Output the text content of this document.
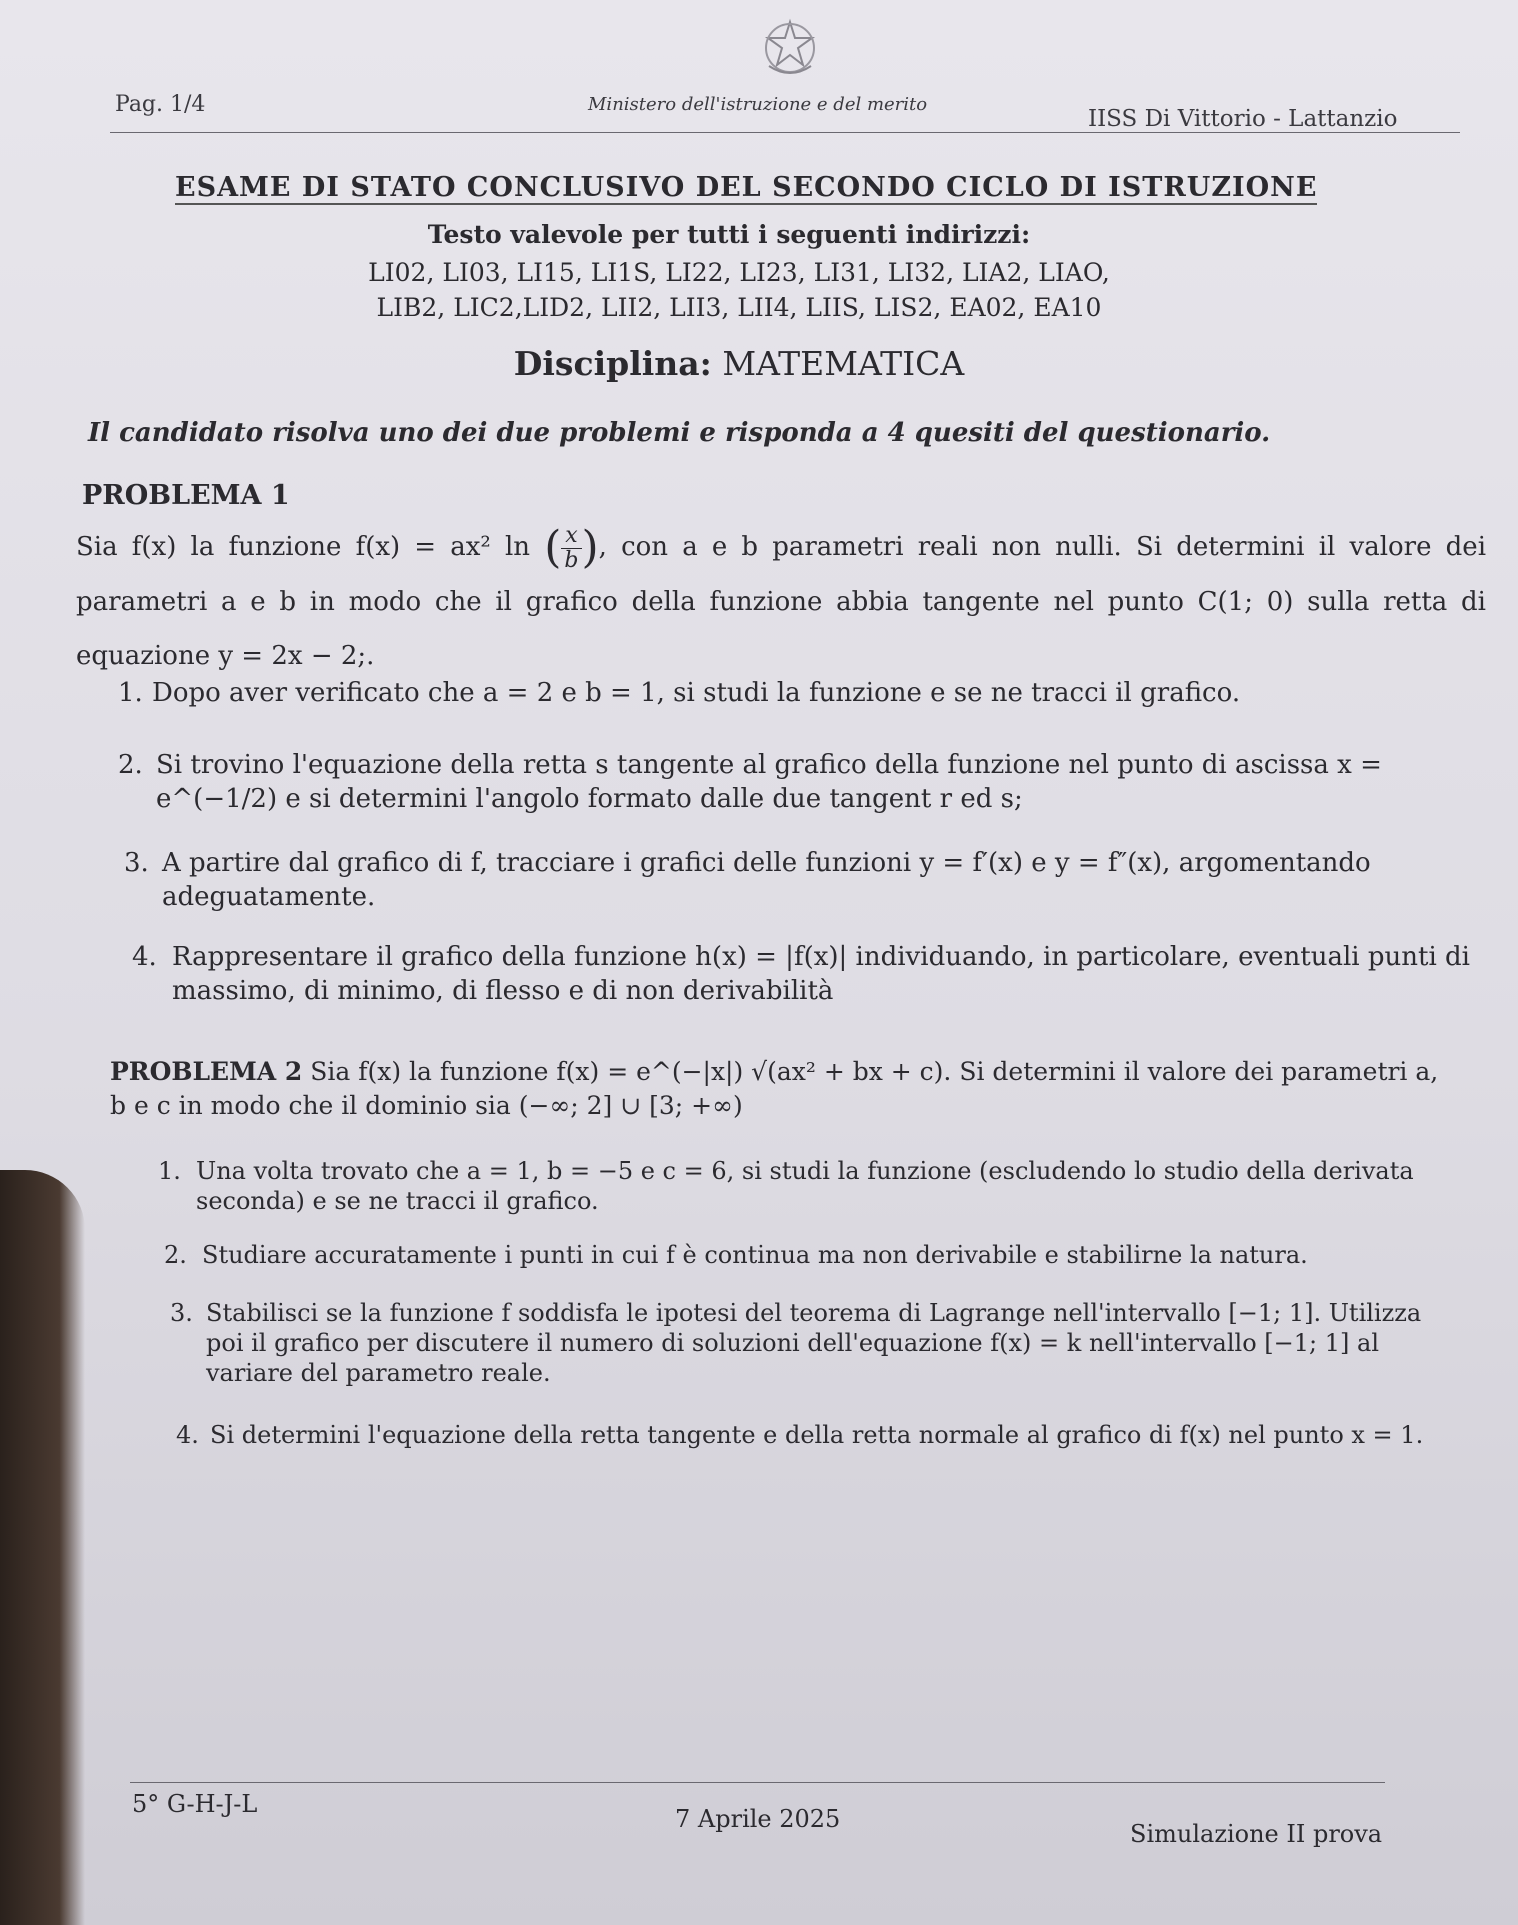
Pag. 1/4	Ministero dell'istruzione e del merito
IISS Di Vittorio - Lattanzio
ESAME DI STATO CONCLUSIVO DEL SECONDO CICLO DI ISTRUZIONE
Testo valevole per tutti i seguenti indirizzi:
LI02, LI03, LI15, LI1S, LI22, LI23, LI31, LI32, LIA2, LIAO,
LIB2, LIC2,LID2, LII2, LII3, LII4, LIIS, LIS2, EA02, EA10
Disciplina: MATEMATICA
Il candidato risolva uno dei due problemi e risponda a 4 quesiti del questionario.
PROBLEMA 1
Sia f(x) la funzione f(x) = ax² ln ( $\frac{x}{b}$ ), con a e b parametri reali non nulli. Si determini il valore dei parametri a e b in modo che il grafico della funzione abbia tangente nel punto C(1; 0) sulla retta di equazione y = 2x − 2;.
1. Dopo aver verificato che a = 2 e b = 1, si studi la funzione e se ne tracci il grafico.
2. Si trovino l'equazione della retta s tangente al grafico della funzione nel punto di ascissa x = e^(−1/2) e si determini l'angolo formato dalle due tangent r ed s;
3. A partire dal grafico di f, tracciare i grafici delle funzioni y = f′(x) e y = f″(x), argomentando adeguatamente.
4. Rappresentare il grafico della funzione h(x) = |f(x)| individuando, in particolare, eventuali punti di massimo, di minimo, di flesso e di non derivabilità
PROBLEMA 2 Sia f(x) la funzione f(x) = e^(−|x|) √(ax² + bx + c). Si determini il valore dei parametri a, b e c in modo che il dominio sia (−∞; 2] ∪ [3; +∞)
1. Una volta trovato che a = 1, b = −5 e c = 6, si studi la funzione (escludendo lo studio della derivata seconda) e se ne tracci il grafico.
2. Studiare accuratamente i punti in cui f è continua ma non derivabile e stabilirne la natura.
3. Stabilisci se la funzione f soddisfa le ipotesi del teorema di Lagrange nell'intervallo [−1; 1]. Utilizza poi il grafico per discutere il numero di soluzioni dell'equazione f(x) = k nell'intervallo [−1; 1] al variare del parametro reale.
4. Si determini l'equazione della retta tangente e della retta normale al grafico di f(x) nel punto x = 1.
5° G-H-J-L
7 Aprile 2025
Simulazione II prova
